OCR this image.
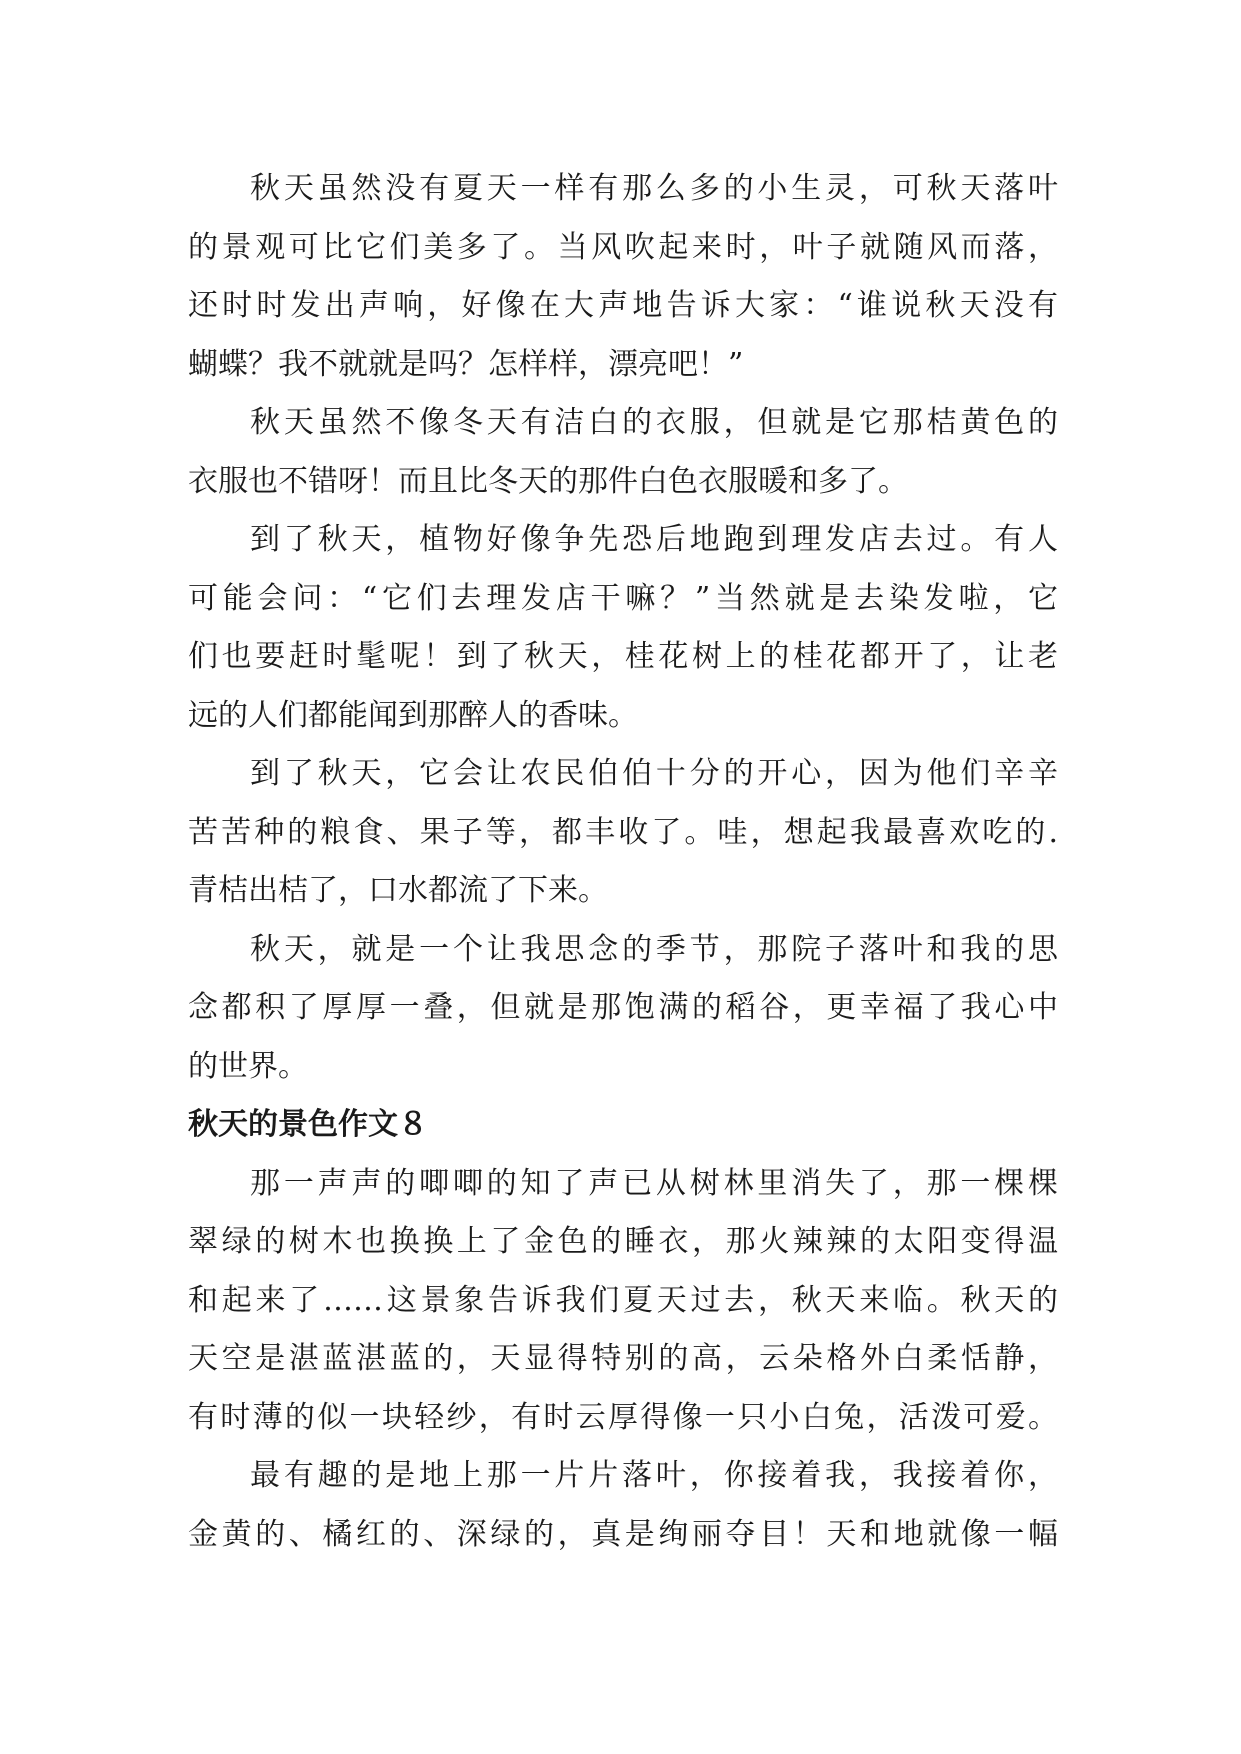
秋天虽然没有夏天一样有那么多的小生灵，可秋天落叶
的景观可比它们美多了。当风吹起来时，叶子就随风而落，
还时时发出声响，好像在大声地告诉大家：“谁说秋天没有
蝴蝶？我不就就是吗？怎样样，漂亮吧！”
秋天虽然不像冬天有洁白的衣服，但就是它那桔黄色的
衣服也不错呀！而且比冬天的那件白色衣服暖和多了。
到了秋天，植物好像争先恐后地跑到理发店去过。有人
可能会问：“它们去理发店干嘛？”当然就是去染发啦，它
们也要赶时髦呢！到了秋天，桂花树上的桂花都开了，让老
远的人们都能闻到那醉人的香味。
到了秋天，它会让农民伯伯十分的开心，因为他们辛辛
苦苦种的粮食、果子等，都丰收了。哇，想起我最喜欢吃的.
青桔出桔了，口水都流了下来。
秋天，就是一个让我思念的季节，那院子落叶和我的思
念都积了厚厚一叠，但就是那饱满的稻谷，更幸福了我心中
的世界。
秋天的景色作文８
那一声声的唧唧的知了声已从树林里消失了，那一棵棵
翠绿的树木也换换上了金色的睡衣，那火辣辣的太阳变得温
和起来了……这景象告诉我们夏天过去，秋天来临。秋天的
天空是湛蓝湛蓝的，天显得特别的高，云朵格外白柔恬静，
有时薄的似一块轻纱，有时云厚得像一只小白兔，活泼可爱。
最有趣的是地上那一片片落叶，你接着我，我接着你，
金黄的、橘红的、深绿的，真是绚丽夺目！天和地就像一幅
